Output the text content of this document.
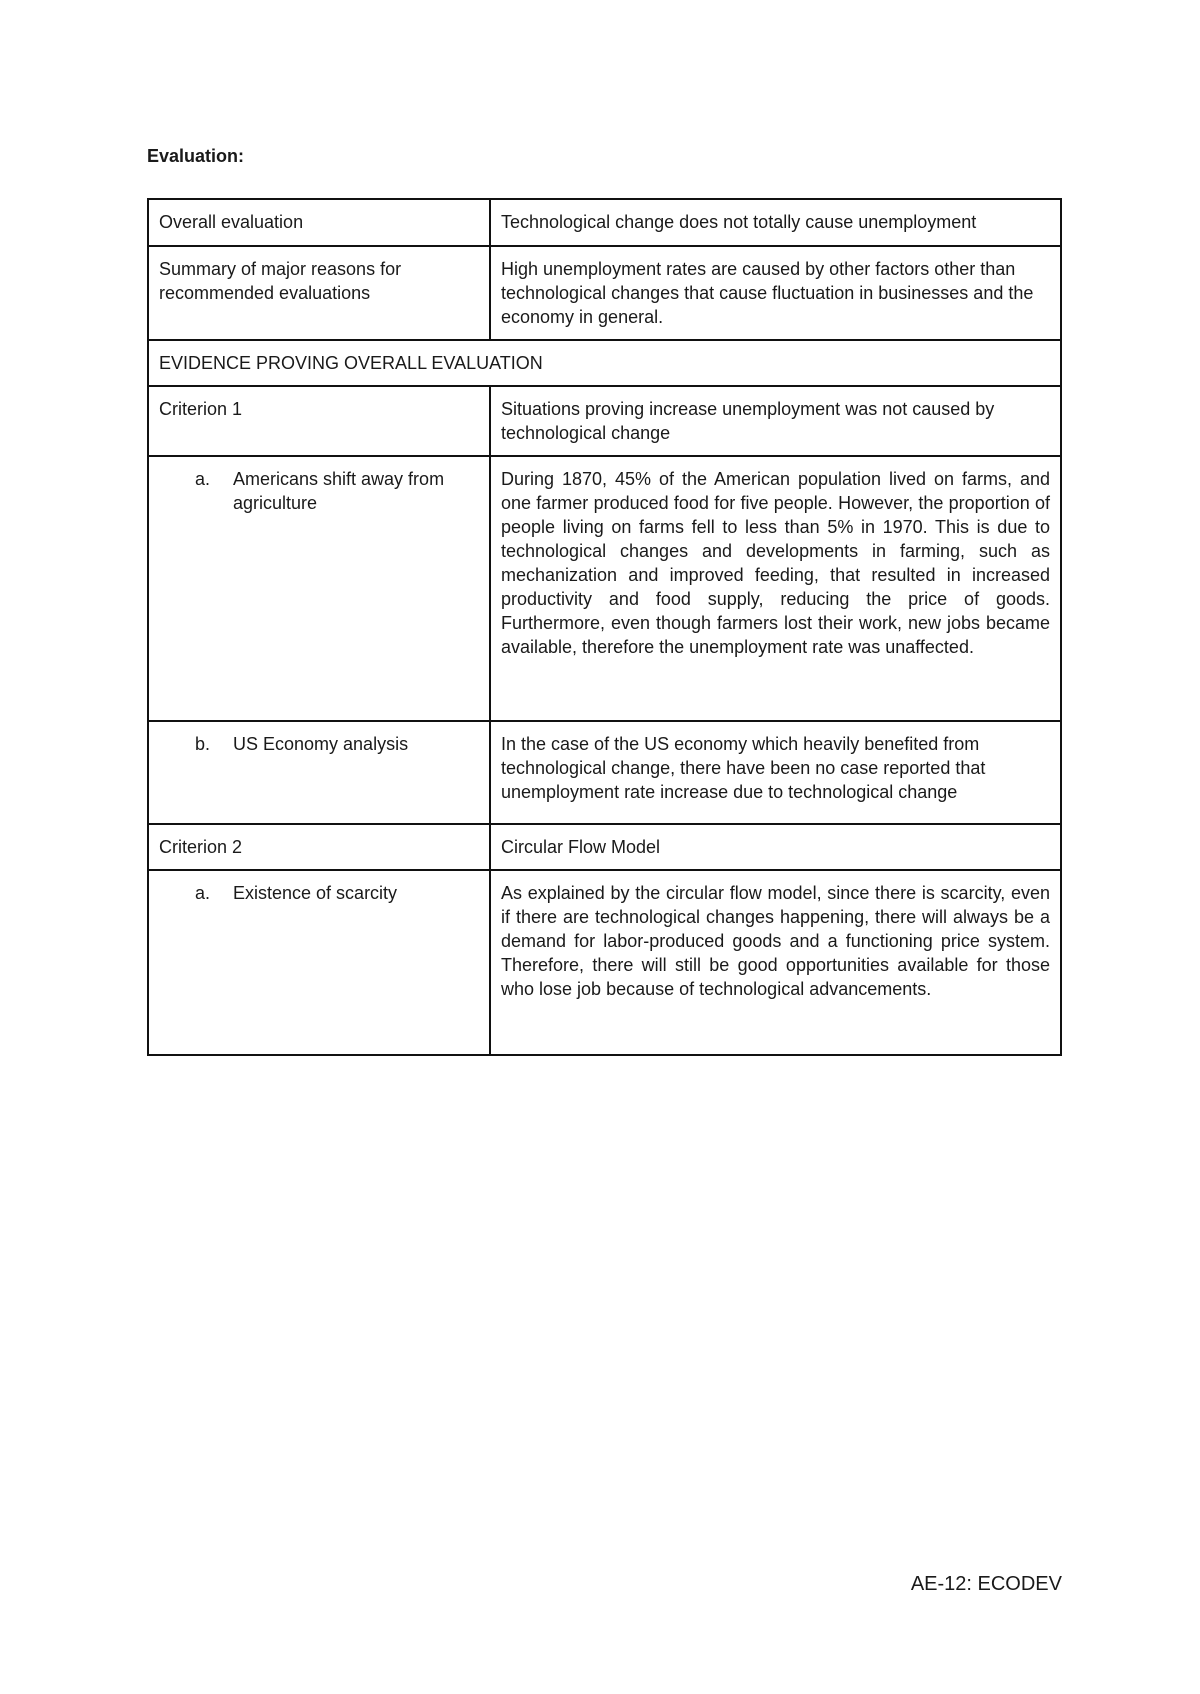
Evaluation:
Overall evaluation	Technological change does not totally cause unemployment
Summary of major reasons for recommended evaluations	High unemployment rates are caused by other factors other than technological changes that cause fluctuation in businesses and the economy in general.
EVIDENCE PROVING OVERALL EVALUATION	
Criterion 1	Situations proving increase unemployment was not caused by technological change

a. Americans shift away from agriculture	During 1870, 45% of the American population lived on farms, and one farmer produced food for five people. However, the proportion of people living on farms fell to less than 5% in 1970. This is due to technological changes and developments in farming, such as mechanization and improved feeding, that resulted in increased productivity and food supply, reducing the price of goods. Furthermore, even though farmers lost their work, new jobs became available, therefore the unemployment rate was unaffected.

b. US Economy analysis	In the case of the US economy which heavily benefited from technological change, there have been no case reported that unemployment rate increase due to technological change
Criterion 2	Circular Flow Model

a. Existence of scarcity	As explained by the circular flow model, since there is scarcity, even if there are technological changes happening, there will always be a demand for labor-produced goods and a functioning price system. Therefore, there will still be good opportunities available for those who lose job because of technological advancements.
AE-12: ECODEV
